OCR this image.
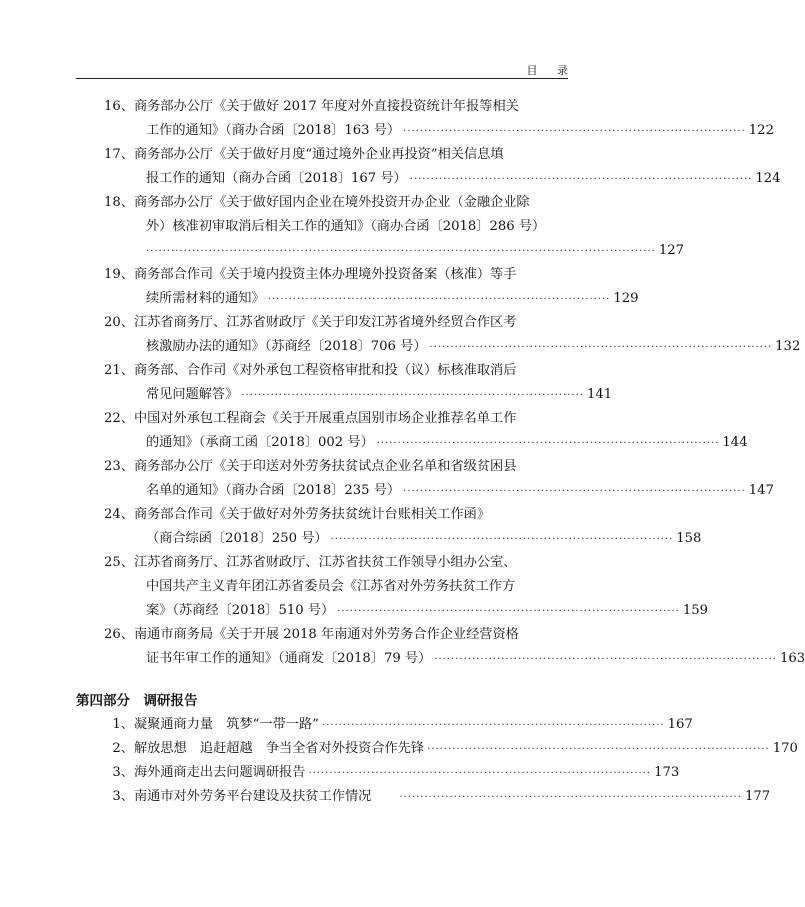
目 录
16、 商务部办公厅《关于做好 2017 年度对外直接投资统计年报等相关
工作的通知》（商办合函〔2018〕163 号） ·················································································· 122
17、 商务部办公厅《关于做好月度“通过境外企业再投资”相关信息填
报工作的通知（商办合函〔2018〕167 号） ·················································································· 124
18、 商务部办公厅《关于做好国内企业在境外投资开办企业（金融企业除
外）核准初审取消后相关工作的通知》（商办合函〔2018〕286 号）
·························································································································· 127
19、 商务部合作司《关于境内投资主体办理境外投资备案（核准）等手
续所需材料的通知》 ·················································································· 129
20、 江苏省商务厅、江苏省财政厅《关于印发江苏省境外经贸合作区考
核激励办法的通知》（苏商经〔2018〕706 号） ·················································································· 132
21、 商务部、合作司《对外承包工程资格审批和投（议）标核准取消后
常见问题解答》 ·················································································· 141
22、 中国对外承包工程商会《关于开展重点国别市场企业推荐名单工作
的通知》（承商工函〔2018〕002 号） ·················································································· 144
23、 商务部办公厅《关于印送对外劳务扶贫试点企业名单和省级贫困县
名单的通知》（商办合函〔2018〕235 号） ·················································································· 147
24、 商务部合作司《关于做好对外劳务扶贫统计台账相关工作函》
（商合综函〔2018〕250 号） ·················································································· 158
25、 江苏省商务厅、江苏省财政厅、江苏省扶贫工作领导小组办公室、
中国共产主义青年团江苏省委员会《江苏省对外劳务扶贫工作方
案》（苏商经〔2018〕510 号） ·················································································· 159
26、 南通市商务局《关于开展 2018 年南通对外劳务合作企业经营资格
证书年审工作的通知》（通商发〔2018〕79 号） ·················································································· 163
第四部分　调研报告
1、 凝聚通商力量　筑梦“一带一路” ·················································································· 167
2、 解放思想　追赶超越　争当全省对外投资合作先锋 ·················································································· 170
3、 海外通商走出去问题调研报告 ·················································································· 173
3、 南通市对外劳务平台建设及扶贫工作情况	·················································································· 177
